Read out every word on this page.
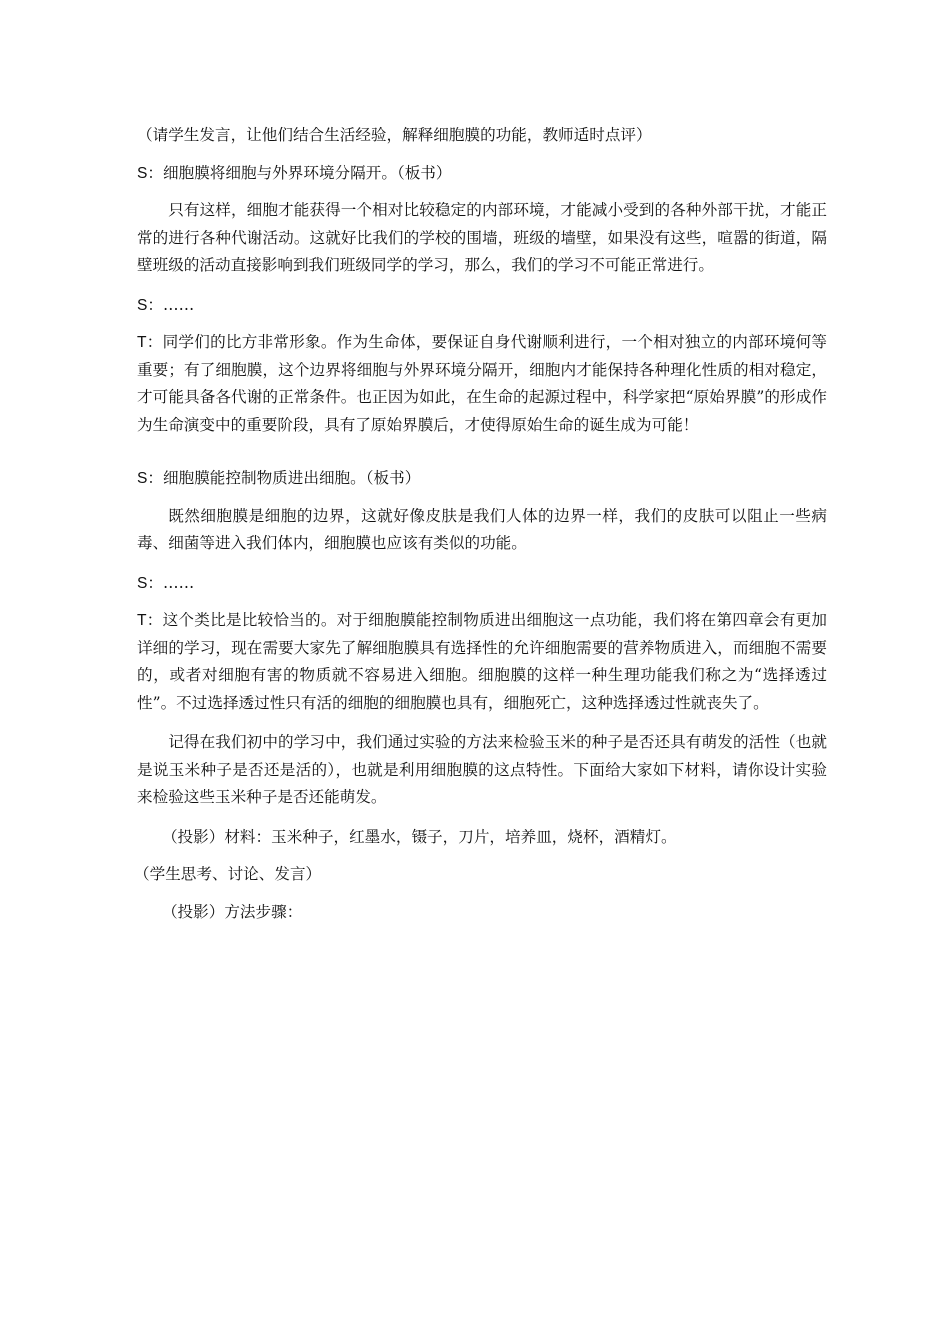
（请学生发言，让他们结合生活经验，解释细胞膜的功能，教师适时点评）

S：细胞膜将细胞与外界环境分隔开。（板书）

只有这样，细胞才能获得一个相对比较稳定的内部环境，才能减小受到的各种外部干扰，才能正常的进行各种代谢活动。这就好比我们的学校的围墙，班级的墙壁，如果没有这些，喧嚣的街道，隔壁班级的活动直接影响到我们班级同学的学习，那么，我们的学习不可能正常进行。

S：……

T：同学们的比方非常形象。作为生命体，要保证自身代谢顺利进行，一个相对独立的内部环境何等重要；有了细胞膜，这个边界将细胞与外界环境分隔开，细胞内才能保持各种理化性质的相对稳定，才可能具备各代谢的正常条件。也正因为如此，在生命的起源过程中，科学家把“原始界膜”的形成作为生命演变中的重要阶段，具有了原始界膜后，才使得原始生命的诞生成为可能！

S：细胞膜能控制物质进出细胞。（板书）

既然细胞膜是细胞的边界，这就好像皮肤是我们人体的边界一样，我们的皮肤可以阻止一些病毒、细菌等进入我们体内，细胞膜也应该有类似的功能。

S：……

T：这个类比是比较恰当的。对于细胞膜能控制物质进出细胞这一点功能，我们将在第四章会有更加详细的学习，现在需要大家先了解细胞膜具有选择性的允许细胞需要的营养物质进入，而细胞不需要的，或者对细胞有害的物质就不容易进入细胞。细胞膜的这样一种生理功能我们称之为“选择透过性”。不过选择透过性只有活的细胞的细胞膜也具有，细胞死亡，这种选择透过性就丧失了。

记得在我们初中的学习中，我们通过实验的方法来检验玉米的种子是否还具有萌发的活性（也就是说玉米种子是否还是活的），也就是利用细胞膜的这点特性。下面给大家如下材料，请你设计实验来检验这些玉米种子是否还能萌发。

（投影）材料：玉米种子，红墨水，镊子，刀片，培养皿，烧杯，酒精灯。

（学生思考、讨论、发言）

（投影）方法步骤：
